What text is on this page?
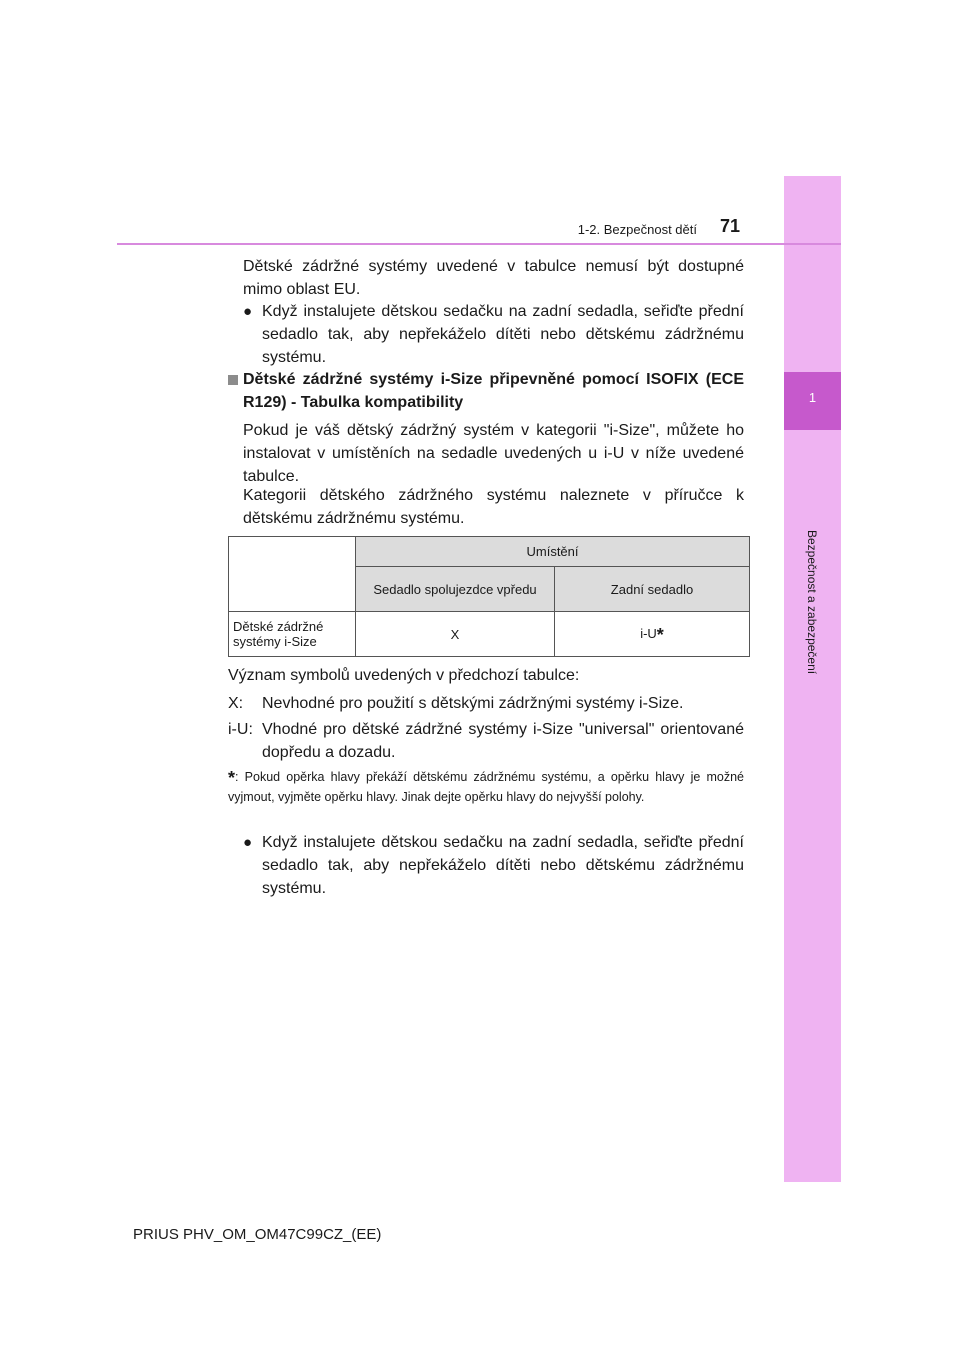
1
Bezpečnost a zabezpečení
1-2. Bezpečnost dětí	71
Dětské zádržné systémy uvedené v tabulce nemusí být dostupné mimo oblast EU.
● Když instalujete dětskou sedačku na zadní sedadla, seřiďte přední sedadlo tak, aby nepřekáželo dítěti nebo dětskému zádržnému systému.
Dětské zádržné systémy i-Size připevněné pomocí ISOFIX (ECE R129) - Tabulka kompatibility
Pokud je váš dětský zádržný systém v kategorii "i-Size", můžete ho instalovat v umístěních na sedadle uvedených u i-U v níže uvedené tabulce.
Kategorii dětského zádržného systému naleznete v příručce k dětskému zádržnému systému.
	Umístění	
	Sedadlo spolujezdce vpředu	Zadní sedadlo
Dětské zádržné systémy i-Size	X	i-U*
Význam symbolů uvedených v předchozí tabulce:
X: Nevhodné pro použití s dětskými zádržnými systémy i-Size.
i-U: Vhodné pro dětské zádržné systémy i-Size "universal" orientované dopředu a dozadu.
*: Pokud opěrka hlavy překáží dětskému zádržnému systému, a opěrku hlavy je možné vyjmout, vyjměte opěrku hlavy. Jinak dejte opěrku hlavy do nejvyšší polohy.
● Když instalujete dětskou sedačku na zadní sedadla, seřiďte přední sedadlo tak, aby nepřekáželo dítěti nebo dětskému zádržnému systému.
PRIUS PHV_OM_OM47C99CZ_(EE)
